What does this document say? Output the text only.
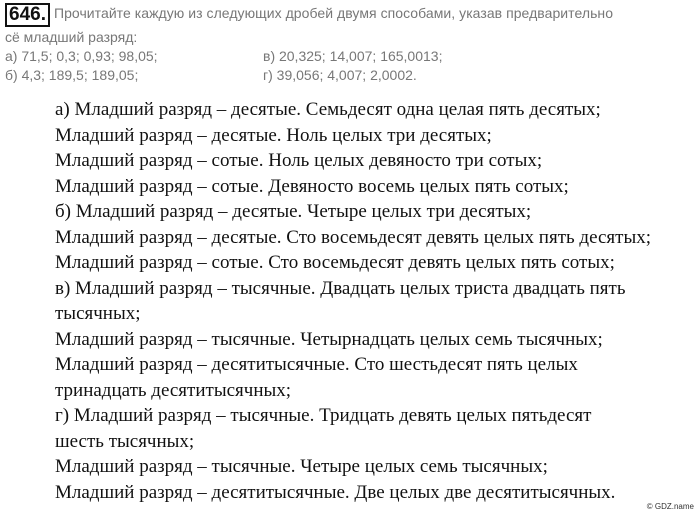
646. Прочитайте каждую из следующих дробей двумя способами, указав предварительно
сё младший разряд:
а) 71,5; 0,3; 0,93; 98,05;	в) 20,325; 14,007; 165,0013;
б) 4,3; 189,5; 189,05;	г) 39,056; 4,007; 2,0002.
а) Младший разряд – десятые. Семьдесят одна целая пять десятых;
Младший разряд – десятые. Ноль целых три десятых;
Младший разряд – сотые. Ноль целых девяносто три сотых;
Младший разряд – сотые. Девяносто восемь целых пять сотых;
б) Младший разряд – десятые. Четыре целых три десятых;
Младший разряд – десятые. Сто восемьдесят девять целых пять десятых;
Младший разряд – сотые. Сто восемьдесят девять целых пять сотых;
в) Младший разряд – тысячные. Двадцать целых триста двадцать пять
тысячных;
Младший разряд – тысячные. Четырнадцать целых семь тысячных;
Младший разряд – десятитысячные. Сто шестьдесят пять целых
тринадцать десятитысячных;
г) Младший разряд – тысячные. Тридцать девять целых пятьдесят
шесть тысячных;
Младший разряд – тысячные. Четыре целых семь тысячных;
Младший разряд – десятитысячные. Две целых две десятитысячных.
© GDZ.name
